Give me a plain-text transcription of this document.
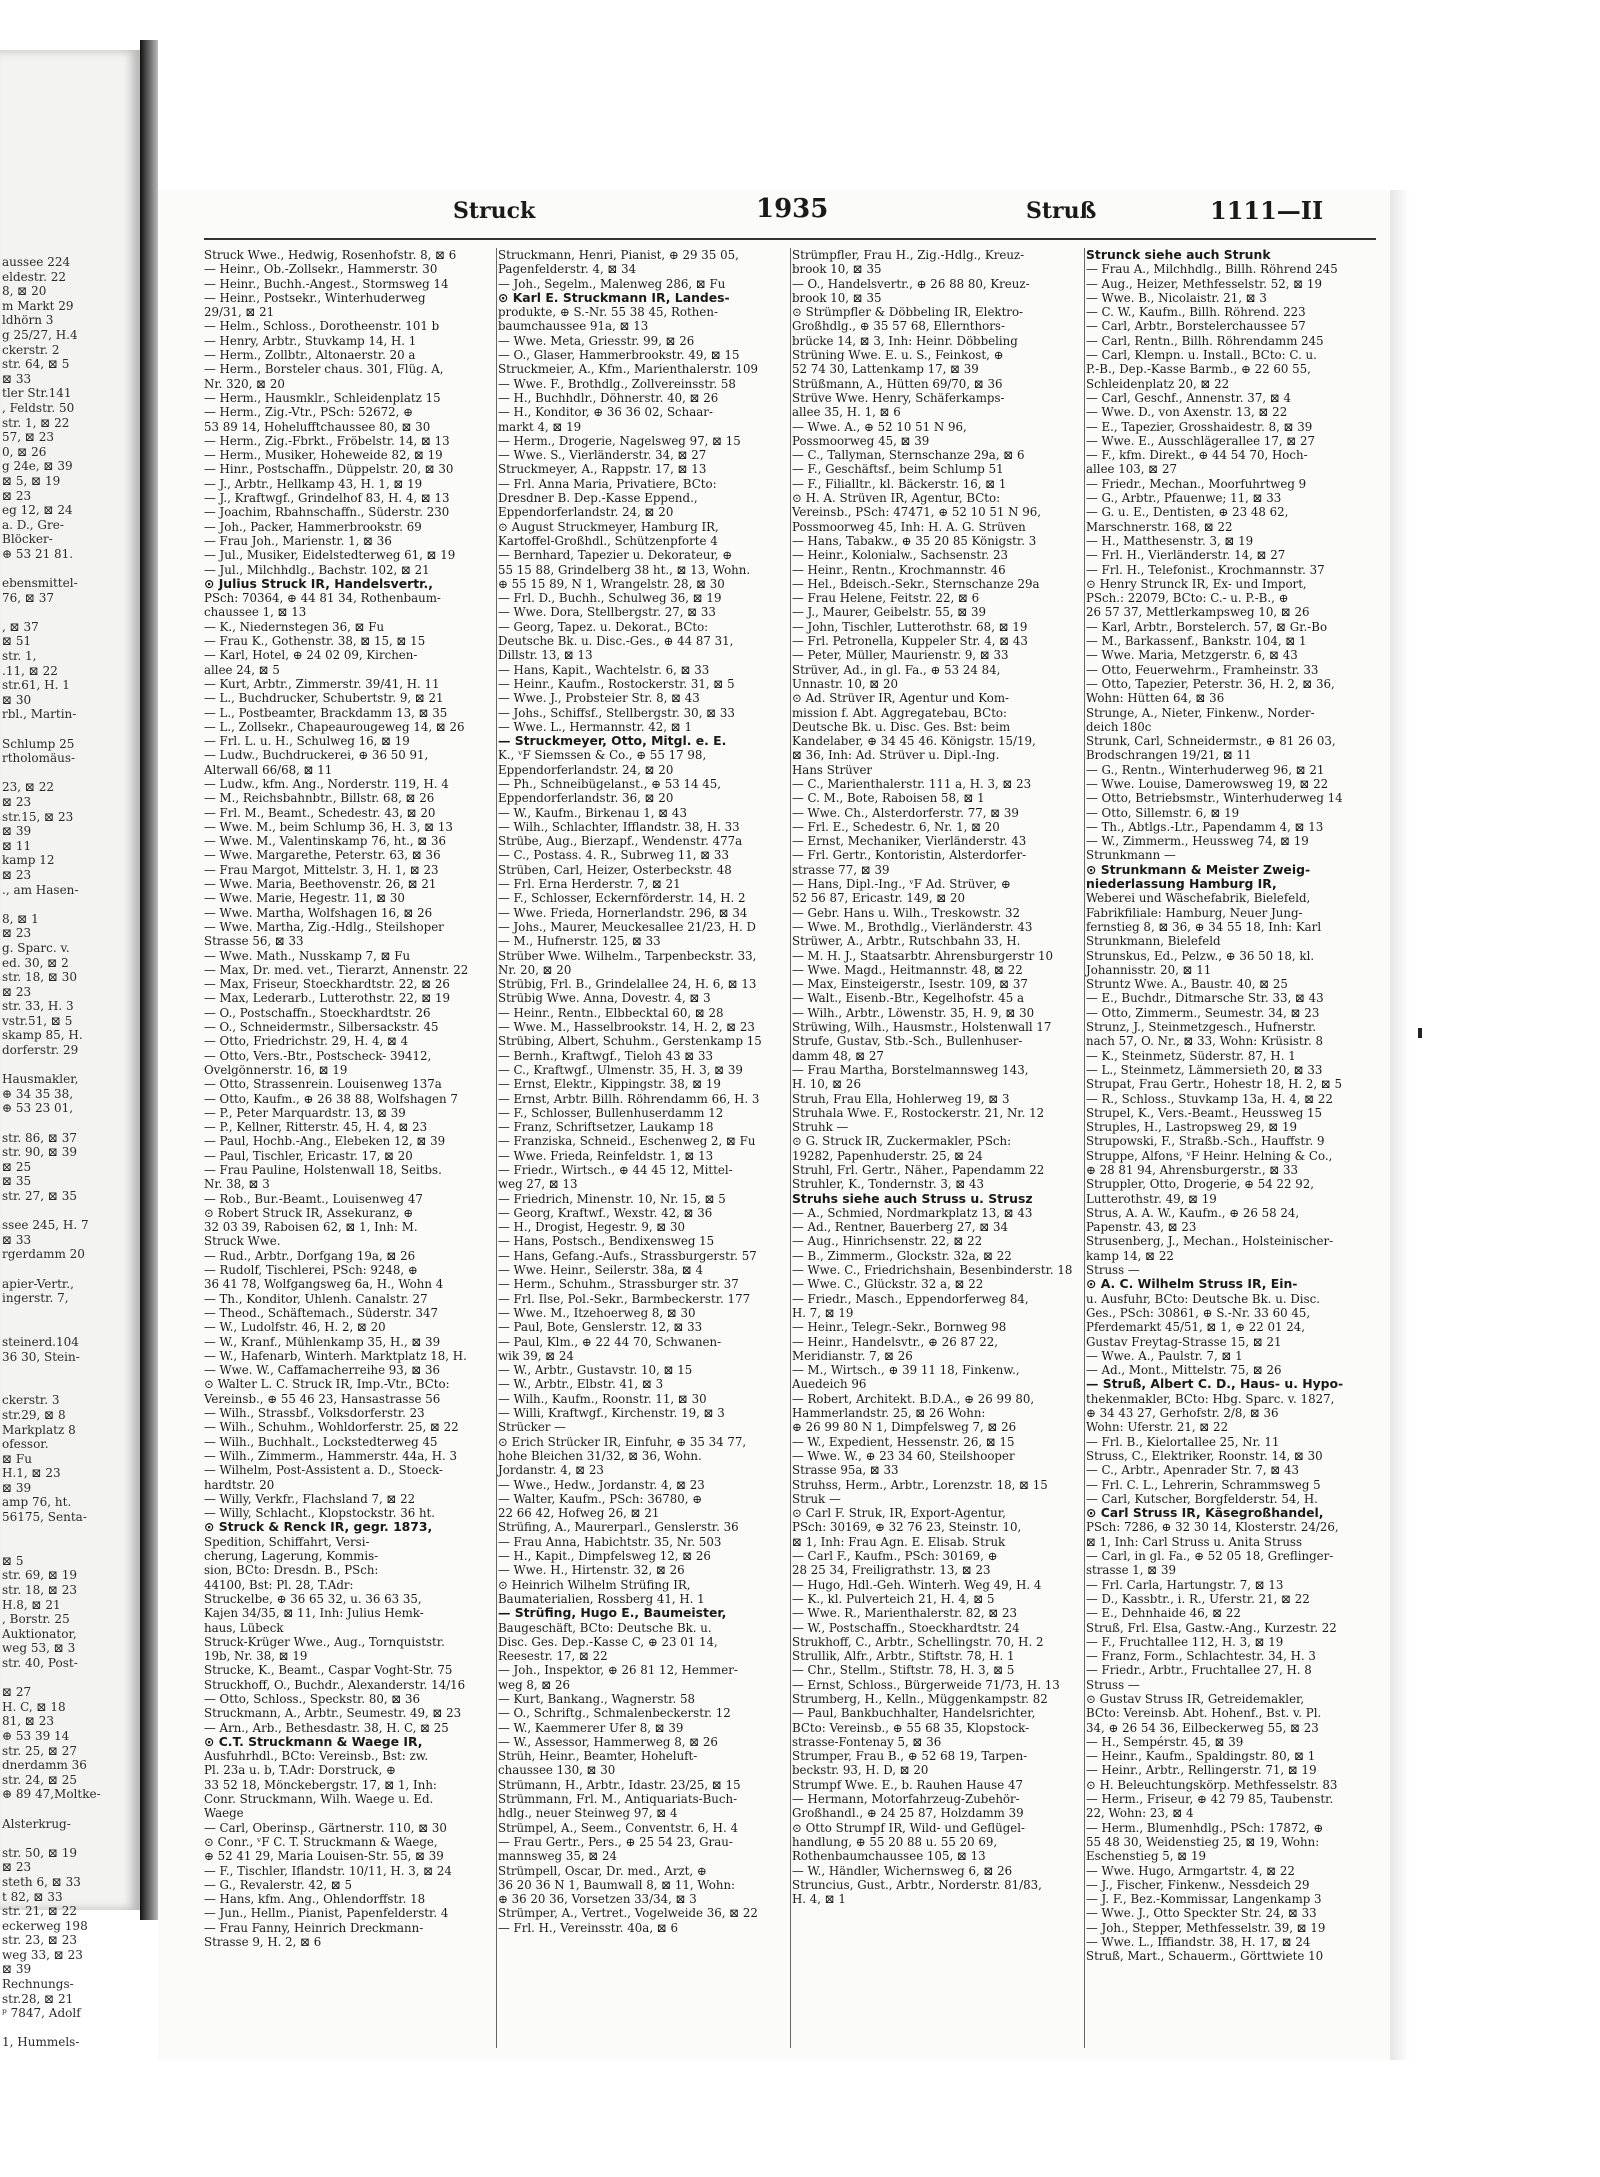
aussee 224
eldestr. 22
8, ⊠ 20
m Markt 29
ldhörn 3
g 25/27, H.4
ckerstr. 2
str. 64, ⊠ 5
⊠ 33
tler Str.141
, Feldstr. 50
str. 1, ⊠ 22
57, ⊠ 23
0, ⊠ 26
g 24e, ⊠ 39
⊠ 5, ⊠ 19
⊠ 23
eg 12, ⊠ 24
a. D., Gre-
Blöcker-
⊕ 53 21 81.

ebensmittel-
76, ⊠ 37

, ⊠ 37
⊠ 51
str. 1,
.11, ⊠ 22
str.61, H. 1
⊠ 30
rbl., Martin-

Schlump 25
rtholomäus-

23, ⊠ 22
⊠ 23
str.15, ⊠ 23
⊠ 39
⊠ 11
kamp 12
⊠ 23
., am Hasen-

8, ⊠ 1
⊠ 23
g. Sparc. v.
ed. 30, ⊠ 2
str. 18, ⊠ 30
⊠ 23
str. 33, H. 3
vstr.51, ⊠ 5
skamp 85, H.
dorferstr. 29

Hausmakler,
⊕ 34 35 38,
⊕ 53 23 01,

str. 86, ⊠ 37
str. 90, ⊠ 39
⊠ 25
⊠ 35
str. 27, ⊠ 35

ssee 245, H. 7
⊠ 33
rgerdamm 20

apier-Vertr.,
ingerstr. 7,

steinerd.104
36 30, Stein-

ckerstr. 3
str.29, ⊠ 8
Markplatz 8
ofessor.
⊠ Fu
H.1, ⊠ 23
⊠ 39
amp 76, ht.
56175, Senta-

⊠ 5
str. 69, ⊠ 19
str. 18, ⊠ 23
H.8, ⊠ 21
, Borstr. 25
Auktionator,
weg 53, ⊠ 3
str. 40, Post-

⊠ 27
H. C, ⊠ 18
81, ⊠ 23
⊕ 53 39 14
str. 25, ⊠ 27
dnerdamm 36
str. 24, ⊠ 25
⊕ 89 47,Moltke-

Alsterkrug-

str. 50, ⊠ 19
⊠ 23
steth 6, ⊠ 33
t 82, ⊠ 33
str. 21, ⊠ 22
eckerweg 198
str. 23, ⊠ 23
weg 33, ⊠ 23
⊠ 39
Rechnungs-
str.28, ⊠ 21
ᵖ 7847, Adolf

1, Hummels-
Struck	1935	Struß	1111—II
Struck Wwe., Hedwig, Rosenhofstr. 8, ⊠ 6
— Heinr., Ob.-Zollsekr., Hammerstr. 30
— Heinr., Buchh.-Angest., Stormsweg 14
— Heinr., Postsekr., Winterhuderweg
29/31, ⊠ 21
— Helm., Schloss., Dorotheenstr. 101 b
— Henry, Arbtr., Stuvkamp 14, H. 1
— Herm., Zollbtr., Altonaerstr. 20 a
— Herm., Borsteler chaus. 301, Flüg. A,
Nr. 320, ⊠ 20
— Herm., Hausmklr., Schleidenplatz 15
— Herm., Zig.-Vtr., PSch: 52672, ⊕
53 89 14, Hohelufftchaussee 80, ⊠ 30
— Herm., Zig.-Fbrkt., Fröbelstr. 14, ⊠ 13
— Herm., Musiker, Hoheweide 82, ⊠ 19
— Hinr., Postschaffn., Düppelstr. 20, ⊠ 30
— J., Arbtr., Hellkamp 43, H. 1, ⊠ 19
— J., Kraftwgf., Grindelhof 83, H. 4, ⊠ 13
— Joachim, Rbahnschaffn., Süderstr. 230
— Joh., Packer, Hammerbrookstr. 69
— Frau Joh., Marienstr. 1, ⊠ 36
— Jul., Musiker, Eidelstedterweg 61, ⊠ 19
— Jul., Milchhdlg., Bachstr. 102, ⊠ 21
⊙ Julius Struck IR, Handelsvertr.,
PSch: 70364, ⊕ 44 81 34, Rothenbaum-
chaussee 1, ⊠ 13
— K., Niedernstegen 36, ⊠ Fu
— Frau K., Gothenstr. 38, ⊠ 15, ⊠ 15
— Karl, Hotel, ⊕ 24 02 09, Kirchen-
allee 24, ⊠ 5
— Kurt, Arbtr., Zimmerstr. 39/41, H. 11
— L., Buchdrucker, Schubertstr. 9, ⊠ 21
— L., Postbeamter, Brackdamm 13, ⊠ 35
— L., Zollsekr., Chapeaurougeweg 14, ⊠ 26
— Frl. L. u. H., Schulweg 16, ⊠ 19
— Ludw., Buchdruckerei, ⊕ 36 50 91,
Alterwall 66/68, ⊠ 11
— Ludw., kfm. Ang., Norderstr. 119, H. 4
— M., Reichsbahnbtr., Billstr. 68, ⊠ 26
— Frl. M., Beamt., Schedestr. 43, ⊠ 20
— Wwe. M., beim Schlump 36, H. 3, ⊠ 13
— Wwe. M., Valentinskamp 76, ht., ⊠ 36
— Wwe. Margarethe, Peterstr. 63, ⊠ 36
— Frau Margot, Mittelstr. 3, H. 1, ⊠ 23
— Wwe. Maria, Beethovenstr. 26, ⊠ 21
— Wwe. Marie, Hegestr. 11, ⊠ 30
— Wwe. Martha, Wolfshagen 16, ⊠ 26
— Wwe. Martha, Zig.-Hdlg., Steilshoper
Strasse 56, ⊠ 33
— Wwe. Math., Nusskamp 7, ⊠ Fu
— Max, Dr. med. vet., Tierarzt, Annenstr. 22
— Max, Friseur, Stoeckhardtstr. 22, ⊠ 26
— Max, Lederarb., Lutterothstr. 22, ⊠ 19
— O., Postschaffn., Stoeckhardtstr. 26
— O., Schneidermstr., Silbersackstr. 45
— Otto, Friedrichstr. 29, H. 4, ⊠ 4
— Otto, Vers.-Btr., Postscheck- 39412,
Ovelgönnerstr. 16, ⊠ 19
— Otto, Strassenrein. Louisenweg 137a
— Otto, Kaufm., ⊕ 26 38 88, Wolfshagen 7
— P., Peter Marquardstr. 13, ⊠ 39
— P., Kellner, Ritterstr. 45, H. 4, ⊠ 23
— Paul, Hochb.-Ang., Elebeken 12, ⊠ 39
— Paul, Tischler, Ericastr. 17, ⊠ 20
— Frau Pauline, Holstenwall 18, Seitbs.
Nr. 38, ⊠ 3
— Rob., Bur.-Beamt., Louisenweg 47
⊙ Robert Struck IR, Assekuranz, ⊕
32 03 39, Raboisen 62, ⊠ 1, Inh: M.
Struck Wwe.
— Rud., Arbtr., Dorfgang 19a, ⊠ 26
— Rudolf, Tischlerei, PSch: 9248, ⊕
36 41 78, Wolfgangsweg 6a, H., Wohn 4
— Th., Konditor, Uhlenh. Canalstr. 27
— Theod., Schäftemach., Süderstr. 347
— W., Ludolfstr. 46, H. 2, ⊠ 20
— W., Kranf., Mühlenkamp 35, H., ⊠ 39
— W., Hafenarb, Winterh. Marktplatz 18, H.
— Wwe. W., Caffamacherreihe 93, ⊠ 36
⊙ Walter L. C. Struck IR, Imp.-Vtr., BCto:
Vereinsb., ⊕ 55 46 23, Hansastrasse 56
— Wilh., Strassbf., Volksdorferstr. 23
— Wilh., Schuhm., Wohldorferstr. 25, ⊠ 22
— Wilh., Buchhalt., Lockstedterweg 45
— Wilh., Zimmerm., Hammerstr. 44a, H. 3
— Wilhelm, Post-Assistent a. D., Stoeck-
hardtstr. 20
— Willy, Verkfr., Flachsland 7, ⊠ 22
— Willy, Schlacht., Klopstockstr. 36 ht.
⊙ Struck & Renck IR, gegr. 1873,
Spedition, Schiffahrt, Versi-
cherung, Lagerung, Kommis-
sion, BCto: Dresdn. B., PSch:
44100, Bst: Pl. 28, T.Adr:
Struckelbe, ⊕ 36 65 32, u. 36 63 35,
Kajen 34/35, ⊠ 11, Inh: Julius Hemk-
haus, Lübeck
Struck-Krüger Wwe., Aug., Tornquiststr.
19b, Nr. 38, ⊠ 19
Strucke, K., Beamt., Caspar Voght-Str. 75
Struckhoff, O., Buchdr., Alexanderstr. 14/16
— Otto, Schloss., Speckstr. 80, ⊠ 36
Struckmann, A., Arbtr., Seumestr. 49, ⊠ 23
— Arn., Arb., Bethesdastr. 38, H. C, ⊠ 25
⊙ C.T. Struckmann & Waege IR,
Ausfuhrhdl., BCto: Vereinsb., Bst: zw.
Pl. 23a u. b, T.Adr: Dorstruck, ⊕
33 52 18, Mönckebergstr. 17, ⊠ 1, Inh:
Conr. Struckmann, Wilh. Waege u. Ed.
Waege
— Carl, Oberinsp., Gärtnerstr. 110, ⊠ 30
⊙ Conr., ᵛF C. T. Struckmann & Waege,
⊕ 52 41 29, Maria Louisen-Str. 55, ⊠ 39
— F., Tischler, Iflandstr. 10/11, H. 3, ⊠ 24
— G., Revalerstr. 42, ⊠ 5
— Hans, kfm. Ang., Ohlendorffstr. 18
— Jun., Hellm., Pianist, Papenfelderstr. 4
— Frau Fanny, Heinrich Dreckmann-
Strasse 9, H. 2, ⊠ 6
Struckmann, Henri, Pianist, ⊕ 29 35 05,
Pagenfelderstr. 4, ⊠ 34
— Joh., Segelm., Malenweg 286, ⊠ Fu
⊙ Karl E. Struckmann IR, Landes-
produkte, ⊕ S.-Nr. 55 38 45, Rothen-
baumchaussee 91a, ⊠ 13
— Wwe. Meta, Griesstr. 99, ⊠ 26
— O., Glaser, Hammerbrookstr. 49, ⊠ 15
Struckmeier, A., Kfm., Marienthalerstr. 109
— Wwe. F., Brothdlg., Zollvereinsstr. 58
— H., Buchhdlr., Döhnerstr. 40, ⊠ 26
— H., Konditor, ⊕ 36 36 02, Schaar-
markt 4, ⊠ 19
— Herm., Drogerie, Nagelsweg 97, ⊠ 15
— Wwe. S., Vierländerstr. 34, ⊠ 27
Struckmeyer, A., Rappstr. 17, ⊠ 13
— Frl. Anna Maria, Privatiere, BCto:
Dresdner B. Dep.-Kasse Eppend.,
Eppendorferlandstr. 24, ⊠ 20
⊙ August Struckmeyer, Hamburg IR,
Kartoffel-Großhdl., Schützenpforte 4
— Bernhard, Tapezier u. Dekorateur, ⊕
55 15 88, Grindelberg 38 ht., ⊠ 13, Wohn.
⊕ 55 15 89, N 1, Wrangelstr. 28, ⊠ 30
— Frl. D., Buchh., Schulweg 36, ⊠ 19
— Wwe. Dora, Stellbergstr. 27, ⊠ 33
— Georg, Tapez. u. Dekorat., BCto:
Deutsche Bk. u. Disc.-Ges., ⊕ 44 87 31,
Dillstr. 13, ⊠ 13
— Hans, Kapit., Wachtelstr. 6, ⊠ 33
— Heinr., Kaufm., Rostockerstr. 31, ⊠ 5
— Wwe. J., Probsteier Str. 8, ⊠ 43
— Johs., Schiffsf., Stellbergstr. 30, ⊠ 33
— Wwe. L., Hermannstr. 42, ⊠ 1
— Struckmeyer, Otto, Mitgl. e. E.
K., ᵛF Siemssen & Co., ⊕ 55 17 98,
Eppendorferlandstr. 24, ⊠ 20
— Ph., Schneibügelanst., ⊕ 53 14 45,
Eppendorferlandstr. 36, ⊠ 20
— W., Kaufm., Birkenau 1, ⊠ 43
— Wilh., Schlachter, Ifflandstr. 38, H. 33
Strübe, Aug., Bierzapf., Wendenstr. 477a
— C., Postass. 4. R., Subrweg 11, ⊠ 33
Strüben, Carl, Heizer, Osterbeckstr. 48
— Frl. Erna Herderstr. 7, ⊠ 21
— F., Schlosser, Eckernförderstr. 14, H. 2
— Wwe. Frieda, Hornerlandstr. 296, ⊠ 34
— Johs., Maurer, Meuckesallee 21/23, H. D
— M., Hufnerstr. 125, ⊠ 33
Strüber Wwe. Wilhelm., Tarpenbeckstr. 33,
Nr. 20, ⊠ 20
Strübig, Frl. B., Grindelallee 24, H. 6, ⊠ 13
Strübig Wwe. Anna, Dovestr. 4, ⊠ 3
— Heinr., Rentn., Elbbecktal 60, ⊠ 28
— Wwe. M., Hasselbrookstr. 14, H. 2, ⊠ 23
Strübing, Albert, Schuhm., Gerstenkamp 15
— Bernh., Kraftwgf., Tieloh 43 ⊠ 33
— C., Kraftwgf., Ulmenstr. 35, H. 3, ⊠ 39
— Ernst, Elektr., Kippingstr. 38, ⊠ 19
— Ernst, Arbtr. Billh. Röhrendamm 66, H. 3
— F., Schlosser, Bullenhuserdamm 12
— Franz, Schriftsetzer, Laukamp 18
— Franziska, Schneid., Eschenweg 2, ⊠ Fu
— Wwe. Frieda, Reinfeldstr. 1, ⊠ 13
— Friedr., Wirtsch., ⊕ 44 45 12, Mittel-
weg 27, ⊠ 13
— Friedrich, Minenstr. 10, Nr. 15, ⊠ 5
— Georg, Kraftwf., Wexstr. 42, ⊠ 36
— H., Drogist, Hegestr. 9, ⊠ 30
— Hans, Postsch., Bendixensweg 15
— Hans, Gefang.-Aufs., Strassburgerstr. 57
— Wwe. Heinr., Seilerstr. 38a, ⊠ 4
— Herm., Schuhm., Strassburger str. 37
— Frl. Ilse, Pol.-Sekr., Barmbeckerstr. 177
— Wwe. M., Itzehoerweg 8, ⊠ 30
— Paul, Bote, Genslerstr. 12, ⊠ 33
— Paul, Klm., ⊕ 22 44 70, Schwanen-
wik 39, ⊠ 24
— W., Arbtr., Gustavstr. 10, ⊠ 15
— W., Arbtr., Elbstr. 41, ⊠ 3
— Wilh., Kaufm., Roonstr. 11, ⊠ 30
— Willi, Kraftwgf., Kirchenstr. 19, ⊠ 3
Strücker —
⊙ Erich Strücker IR, Einfuhr, ⊕ 35 34 77,
hohe Bleichen 31/32, ⊠ 36, Wohn.
Jordanstr. 4, ⊠ 23
— Wwe., Hedw., Jordanstr. 4, ⊠ 23
— Walter, Kaufm., PSch: 36780, ⊕
22 66 42, Hofweg 26, ⊠ 21
Strüfing, A., Maurerparl., Genslerstr. 36
— Frau Anna, Habichtstr. 35, Nr. 503
— H., Kapit., Dimpfelsweg 12, ⊠ 26
— Wwe. H., Hirtenstr. 32, ⊠ 26
⊙ Heinrich Wilhelm Strüfing IR,
Baumaterialien, Rossberg 41, H. 1
— Strüfing, Hugo E., Baumeister,
Baugeschäft, BCto: Deutsche Bk. u.
Disc. Ges. Dep.-Kasse C, ⊕ 23 01 14,
Reesestr. 17, ⊠ 22
— Joh., Inspektor, ⊕ 26 81 12, Hemmer-
weg 8, ⊠ 26
— Kurt, Bankang., Wagnerstr. 58
— O., Schriftg., Schmalenbeckerstr. 12
— W., Kaemmerer Ufer 8, ⊠ 39
— W., Assessor, Hammerweg 8, ⊠ 26
Strüh, Heinr., Beamter, Hoheluft-
chaussee 130, ⊠ 30
Strümann, H., Arbtr., Idastr. 23/25, ⊠ 15
Strümmann, Frl. M., Antiquariats-Buch-
hdlg., neuer Steinweg 97, ⊠ 4
Strümpel, A., Seem., Conventstr. 6, H. 4
— Frau Gertr., Pers., ⊕ 25 54 23, Grau-
mannsweg 35, ⊠ 24
Strümpell, Oscar, Dr. med., Arzt, ⊕
36 20 36 N 1, Baumwall 8, ⊠ 11, Wohn:
⊕ 36 20 36, Vorsetzen 33/34, ⊠ 3
Strümper, A., Vertret., Vogelweide 36, ⊠ 22
— Frl. H., Vereinsstr. 40a, ⊠ 6
Strümpfler, Frau H., Zig.-Hdlg., Kreuz-
brook 10, ⊠ 35
— O., Handelsvertr., ⊕ 26 88 80, Kreuz-
brook 10, ⊠ 35
⊙ Strümpfler & Döbbeling IR, Elektro-
Großhdlg., ⊕ 35 57 68, Ellernthors-
brücke 14, ⊠ 3, Inh: Heinr. Döbbeling
Strüning Wwe. E. u. S., Feinkost, ⊕
52 74 30, Lattenkamp 17, ⊠ 39
Strüßmann, A., Hütten 69/70, ⊠ 36
Strüve Wwe. Henry, Schäferkamps-
allee 35, H. 1, ⊠ 6
— Wwe. A., ⊕ 52 10 51 N 96,
Possmoorweg 45, ⊠ 39
— C., Tallyman, Sternschanze 29a, ⊠ 6
— F., Geschäftsf., beim Schlump 51
— F., Filialltr., kl. Bäckerstr. 16, ⊠ 1
⊙ H. A. Strüven IR, Agentur, BCto:
Vereinsb., PSch: 47471, ⊕ 52 10 51 N 96,
Possmoorweg 45, Inh: H. A. G. Strüven
— Hans, Tabakw., ⊕ 35 20 85 Königstr. 3
— Heinr., Kolonialw., Sachsenstr. 23
— Heinr., Rentn., Krochmannstr. 46
— Hel., Bdeisch.-Sekr., Sternschanze 29a
— Frau Helene, Feitstr. 22, ⊠ 6
— J., Maurer, Geibelstr. 55, ⊠ 39
— John, Tischler, Lutterothstr. 68, ⊠ 19
— Frl. Petronella, Kuppeler Str. 4, ⊠ 43
— Peter, Müller, Maurienstr. 9, ⊠ 33
Strüver, Ad., in gl. Fa., ⊕ 53 24 84,
Unnastr. 10, ⊠ 20
⊙ Ad. Strüver IR, Agentur und Kom-
mission f. Abt. Aggregatebau, BCto:
Deutsche Bk. u. Disc. Ges. Bst: beim
Kandelaber, ⊕ 34 45 46. Königstr. 15/19,
⊠ 36, Inh: Ad. Strüver u. Dipl.-Ing.
Hans Strüver
— C., Marienthalerstr. 111 a, H. 3, ⊠ 23
— C. M., Bote, Raboisen 58, ⊠ 1
— Wwe. Ch., Alsterdorferstr. 77, ⊠ 39
— Frl. E., Schedestr. 6, Nr. 1, ⊠ 20
— Ernst, Mechaniker, Vierländerstr. 43
— Frl. Gertr., Kontoristin, Alsterdorfer-
strasse 77, ⊠ 39
— Hans, Dipl.-Ing., ᵛF Ad. Strüver, ⊕
52 56 87, Ericastr. 149, ⊠ 20
— Gebr. Hans u. Wilh., Treskowstr. 32
— Wwe. M., Brothdlg., Vierländerstr. 43
Strüwer, A., Arbtr., Rutschbahn 33, H.
— M. H. J., Staatsarbtr. Ahrensburgerstr 10
— Wwe. Magd., Heitmannstr. 48, ⊠ 22
— Max, Einsteigerstr., Isestr. 109, ⊠ 37
— Walt., Eisenb.-Btr., Kegelhofstr. 45 a
— Wilh., Arbtr., Löwenstr. 35, H. 9, ⊠ 30
Strüwing, Wilh., Hausmstr., Holstenwall 17
Strufe, Gustav, Stb.-Sch., Bullenhuser-
damm 48, ⊠ 27
— Frau Martha, Borstelmannsweg 143,
H. 10, ⊠ 26
Struh, Frau Ella, Hohlerweg 19, ⊠ 3
Struhala Wwe. F., Rostockerstr. 21, Nr. 12
Struhk —
⊙ G. Struck IR, Zuckermakler, PSch:
19282, Papenhuderstr. 25, ⊠ 24
Struhl, Frl. Gertr., Näher., Papendamm 22
Struhler, K., Tondernstr. 3, ⊠ 43
Struhs siehe auch Struss u. Strusz
— A., Schmied, Nordmarkplatz 13, ⊠ 43
— Ad., Rentner, Bauerberg 27, ⊠ 34
— Aug., Hinrichsenstr. 22, ⊠ 22
— B., Zimmerm., Glockstr. 32a, ⊠ 22
— Wwe. C., Friedrichshain, Besenbinderstr. 18
— Wwe. C., Glückstr. 32 a, ⊠ 22
— Friedr., Masch., Eppendorferweg 84,
H. 7, ⊠ 19
— Heinr., Telegr.-Sekr., Bornweg 98
— Heinr., Handelsvtr., ⊕ 26 87 22,
Meridianstr. 7, ⊠ 26
— M., Wirtsch., ⊕ 39 11 18, Finkenw.,
Auedeich 96
— Robert, Architekt. B.D.A., ⊕ 26 99 80,
Hammerlandstr. 25, ⊠ 26 Wohn:
⊕ 26 99 80 N 1, Dimpfelsweg 7, ⊠ 26
— W., Expedient, Hessenstr. 26, ⊠ 15
— Wwe. W., ⊕ 23 34 60, Steilshooper
Strasse 95a, ⊠ 33
Struhss, Herm., Arbtr., Lorenzstr. 18, ⊠ 15
Struk —
⊙ Carl F. Struk, IR, Export-Agentur,
PSch: 30169, ⊕ 32 76 23, Steinstr. 10,
⊠ 1, Inh: Frau Agn. E. Elisab. Struk
— Carl F., Kaufm., PSch: 30169, ⊕
28 25 34, Freiligrathstr. 13, ⊠ 23
— Hugo, Hdl.-Geh. Winterh. Weg 49, H. 4
— K., kl. Pulverteich 21, H. 4, ⊠ 5
— Wwe. R., Marienthalerstr. 82, ⊠ 23
— W., Postschaffn., Stoeckhardtstr. 24
Strukhoff, C., Arbtr., Schellingstr. 70, H. 2
Strullik, Alfr., Arbtr., Stiftstr. 78, H. 1
— Chr., Stellm., Stiftstr. 78, H. 3, ⊠ 5
— Ernst, Schloss., Bürgerweide 71/73, H. 13
Strumberg, H., Kelln., Müggenkampstr. 82
— Paul, Bankbuchhalter, Handelsrichter,
BCto: Vereinsb., ⊕ 55 68 35, Klopstock-
strasse-Fontenay 5, ⊠ 36
Strumper, Frau B., ⊕ 52 68 19, Tarpen-
beckstr. 93, H. D, ⊠ 20
Strumpf Wwe. E., b. Rauhen Hause 47
— Hermann, Motorfahrzeug-Zubehör-
Großhandl., ⊕ 24 25 87, Holzdamm 39
⊙ Otto Strumpf IR, Wild- und Geflügel-
handlung, ⊕ 55 20 88 u. 55 20 69,
Rothenbaumchaussee 105, ⊠ 13
— W., Händler, Wichernsweg 6, ⊠ 26
Struncius, Gust., Arbtr., Norderstr. 81/83,
H. 4, ⊠ 1
Strunck siehe auch Strunk
— Frau A., Milchhdlg., Billh. Röhrend 245
— Aug., Heizer, Methfesselstr. 52, ⊠ 19
— Wwe. B., Nicolaistr. 21, ⊠ 3
— C. W., Kaufm., Billh. Röhrend. 223
— Carl, Arbtr., Borstelerchaussee 57
— Carl, Rentn., Billh. Röhrendamm 245
— Carl, Klempn. u. Install., BCto: C. u.
P.-B., Dep.-Kasse Barmb., ⊕ 22 60 55,
Schleidenplatz 20, ⊠ 22
— Carl, Geschf., Annenstr. 37, ⊠ 4
— Wwe. D., von Axenstr. 13, ⊠ 22
— E., Tapezier, Grosshaidestr. 8, ⊠ 39
— Wwe. E., Ausschlägerallee 17, ⊠ 27
— F., kfm. Direkt., ⊕ 44 54 70, Hoch-
allee 103, ⊠ 27
— Friedr., Mechan., Moorfuhrtweg 9
— G., Arbtr., Pfauenwe; 11, ⊠ 33
— G. u. E., Dentisten, ⊕ 23 48 62,
Marschnerstr. 168, ⊠ 22
— H., Matthesenstr. 3, ⊠ 19
— Frl. H., Vierländerstr. 14, ⊠ 27
— Frl. H., Telefonist., Krochmannstr. 37
⊙ Henry Strunck IR, Ex- und Import,
PSch.: 22079, BCto: C.- u. P.-B., ⊕
26 57 37, Mettlerkampsweg 10, ⊠ 26
— Karl, Arbtr., Borstelerch. 57, ⊠ Gr.-Bo
— M., Barkassenf., Bankstr. 104, ⊠ 1
— Wwe. Maria, Metzgerstr. 6, ⊠ 43
— Otto, Feuerwehrm., Framheinstr. 33
— Otto, Tapezier, Peterstr. 36, H. 2, ⊠ 36,
Wohn: Hütten 64, ⊠ 36
Strunge, A., Nieter, Finkenw., Norder-
deich 180c
Strunk, Carl, Schneidermstr., ⊕ 81 26 03,
Brodschrangen 19/21, ⊠ 11
— G., Rentn., Winterhuderweg 96, ⊠ 21
— Wwe. Louise, Damerowsweg 19, ⊠ 22
— Otto, Betriebsmstr., Winterhuderweg 14
— Otto, Sillemstr. 6, ⊠ 19
— Th., Abtlgs.-Ltr., Papendamm 4, ⊠ 13
— W., Zimmerm., Heussweg 74, ⊠ 19
Strunkmann —
⊙ Strunkmann & Meister Zweig-
niederlassung Hamburg IR,
Weberei und Wäschefabrik, Bielefeld,
Fabrikfiliale: Hamburg, Neuer Jung-
fernstieg 8, ⊠ 36, ⊕ 34 55 18, Inh: Karl
Strunkmann, Bielefeld
Strunskus, Ed., Pelzw., ⊕ 36 50 18, kl.
Johannisstr. 20, ⊠ 11
Struntz Wwe. A., Baustr. 40, ⊠ 25
— E., Buchdr., Ditmarsche Str. 33, ⊠ 43
— Otto, Zimmerm., Seumestr. 34, ⊠ 23
Strunz, J., Steinmetzgesch., Hufnerstr.
nach 57, O. Nr., ⊠ 33, Wohn: Krüsistr. 8
— K., Steinmetz, Süderstr. 87, H. 1
— L., Steinmetz, Lämmersieth 20, ⊠ 33
Strupat, Frau Gertr., Hohestr 18, H. 2, ⊠ 5
— R., Schloss., Stuvkamp 13a, H. 4, ⊠ 22
Strupel, K., Vers.-Beamt., Heussweg 15
Struples, H., Lastropsweg 29, ⊠ 19
Strupowski, F., Straßb.-Sch., Hauffstr. 9
Struppe, Alfons, ᵛF Heinr. Helning & Co.,
⊕ 28 81 94, Ahrensburgerstr., ⊠ 33
Struppler, Otto, Drogerie, ⊕ 54 22 92,
Lutterothstr. 49, ⊠ 19
Strus, A. A. W., Kaufm., ⊕ 26 58 24,
Papenstr. 43, ⊠ 23
Strusenberg, J., Mechan., Holsteinischer-
kamp 14, ⊠ 22
Struss —
⊙ A. C. Wilhelm Struss IR, Ein-
u. Ausfuhr, BCto: Deutsche Bk. u. Disc.
Ges., PSch: 30861, ⊕ S.-Nr. 33 60 45,
Pferdemarkt 45/51, ⊠ 1, ⊕ 22 01 24,
Gustav Freytag-Strasse 15, ⊠ 21
— Wwe. A., Paulstr. 7, ⊠ 1
— Ad., Mont., Mittelstr. 75, ⊠ 26
— Struß, Albert C. D., Haus- u. Hypo-
thekenmakler, BCto: Hbg. Sparc. v. 1827,
⊕ 34 43 27, Gerhofstr. 2/8, ⊠ 36
Wohn: Uferstr. 21, ⊠ 22
— Frl. B., Kielortallee 25, Nr. 11
Struss, C., Elektriker, Roonstr. 14, ⊠ 30
— C., Arbtr., Apenrader Str. 7, ⊠ 43
— Frl. C. L., Lehrerin, Schrammsweg 5
— Carl, Kutscher, Borgfelderstr. 54, H.
⊙ Carl Struss IR, Käsegroßhandel,
PSch: 7286, ⊕ 32 30 14, Klosterstr. 24/26,
⊠ 1, Inh: Carl Struss u. Anita Struss
— Carl, in gl. Fa., ⊕ 52 05 18, Greflinger-
strasse 1, ⊠ 39
— Frl. Carla, Hartungstr. 7, ⊠ 13
— D., Kassbtr., i. R., Uferstr. 21, ⊠ 22
— E., Dehnhaide 46, ⊠ 22
Struß, Frl. Elsa, Gastw.-Ang., Kurzestr. 22
— F., Fruchtallee 112, H. 3, ⊠ 19
— Franz, Form., Schlachtestr. 34, H. 3
— Friedr., Arbtr., Fruchtallee 27, H. 8
Struss —
⊙ Gustav Struss IR, Getreidemakler,
BCto: Vereinsb. Abt. Hohenf., Bst. v. Pl.
34, ⊕ 26 54 36, Eilbeckerweg 55, ⊠ 23
— H., Sempérstr. 45, ⊠ 39
— Heinr., Kaufm., Spaldingstr. 80, ⊠ 1
— Heinr., Arbtr., Rellingerstr. 71, ⊠ 19
⊙ H. Beleuchtungskörp. Methfesselstr. 83
— Herm., Friseur, ⊕ 42 79 85, Taubenstr.
22, Wohn: 23, ⊠ 4
— Herm., Blumenhdlg., PSch: 17872, ⊕
55 48 30, Weidenstieg 25, ⊠ 19, Wohn:
Eschenstieg 5, ⊠ 19
— Wwe. Hugo, Armgartstr. 4, ⊠ 22
— J., Fischer, Finkenw., Nessdeich 29
— J. F., Bez.-Kommissar, Langenkamp 3
— Wwe. J., Otto Speckter Str. 24, ⊠ 33
— Joh., Stepper, Methfesselstr. 39, ⊠ 19
— Wwe. L., Iffiandstr. 38, H. 17, ⊠ 24
Struß, Mart., Schauerm., Görttwiete 10
